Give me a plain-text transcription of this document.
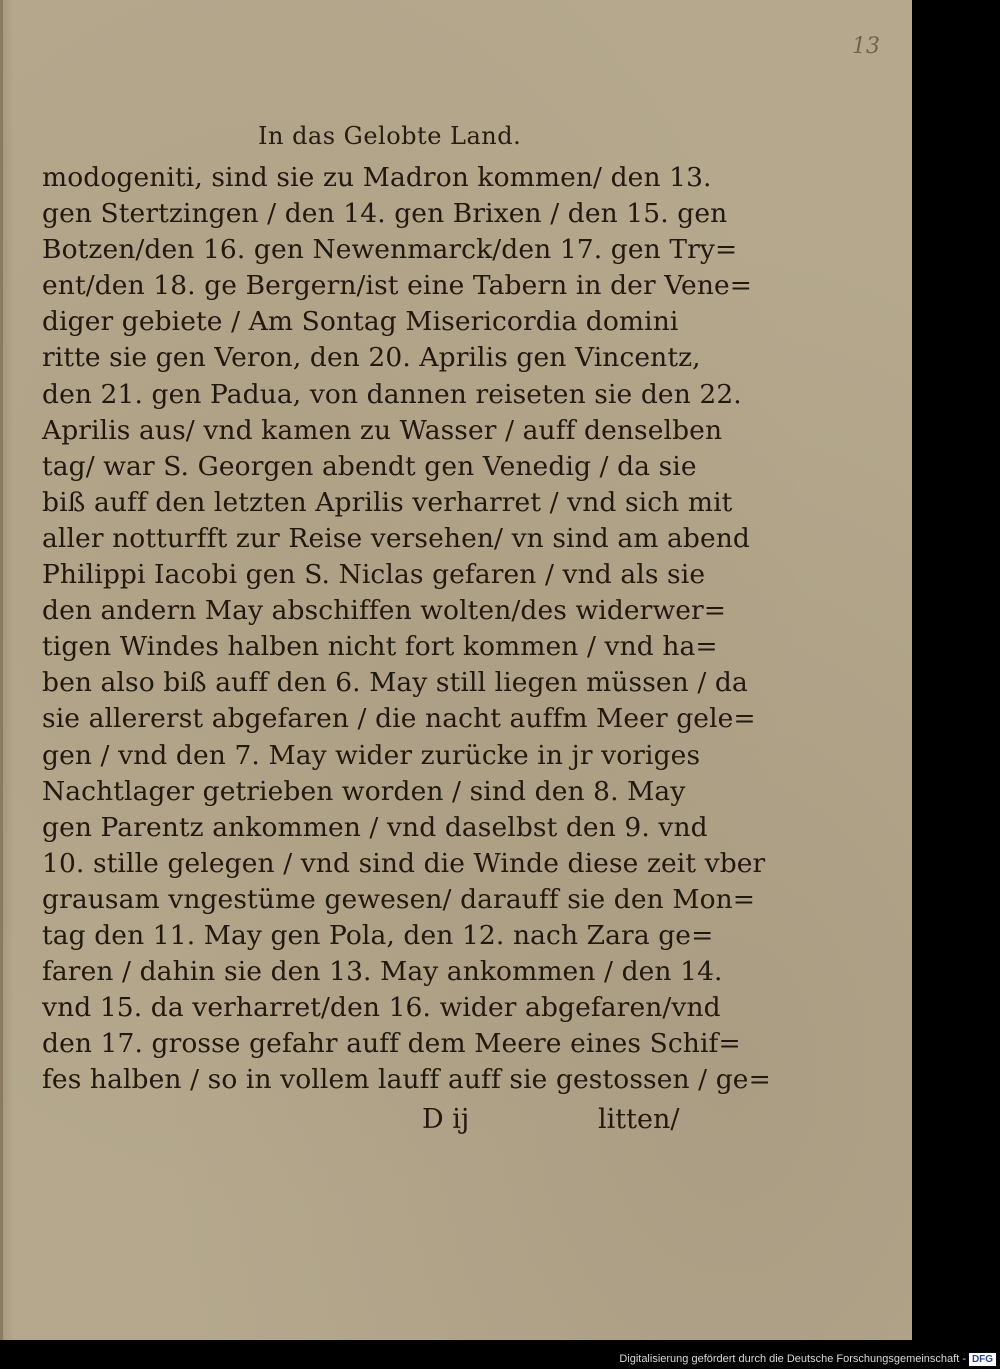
13
In das Gelobte Land.
modogeniti, sind sie zu Madron kommen/ den 13.
gen Stertzingen / den 14. gen Brixen / den 15. gen
Botzen/den 16. gen Newenmarck/den 17. gen Try=
ent/den 18. ge Bergern/ist eine Tabern in der Vene=
diger gebiete / Am Sontag Misericordia domini
ritte sie gen Veron, den 20. Aprilis gen Vincentz,
den 21. gen Padua, von dannen reiseten sie den 22.
Aprilis aus/ vnd kamen zu Wasser / auff denselben
tag/ war S. Georgen abendt gen Venedig / da sie
biß auff den letzten Aprilis verharret / vnd sich mit
aller notturfft zur Reise versehen/ vn sind am abend
Philippi Iacobi gen S. Niclas gefaren / vnd als sie
den andern May abschiffen wolten/des widerwer=
tigen Windes halben nicht fort kommen / vnd ha=
ben also biß auff den 6. May still liegen müssen / da
sie allererst abgefaren / die nacht auffm Meer gele=
gen / vnd den 7. May wider zurücke in jr voriges
Nachtlager getrieben worden / sind den 8. May
gen Parentz ankommen / vnd daselbst den 9. vnd
10. stille gelegen / vnd sind die Winde diese zeit vber
grausam vngestüme gewesen/ darauff sie den Mon=
tag den 11. May gen Pola, den 12. nach Zara ge=
faren / dahin sie den 13. May ankommen / den 14.
vnd 15. da verharret/den 16. wider abgefaren/vnd
den 17. grosse gefahr auff dem Meere eines Schif=
fes halben / so in vollem lauff auff sie gestossen / ge=
D ij	litten/
Digitalisierung gefördert durch die Deutsche Forschungsgemeinschaft - DFG
